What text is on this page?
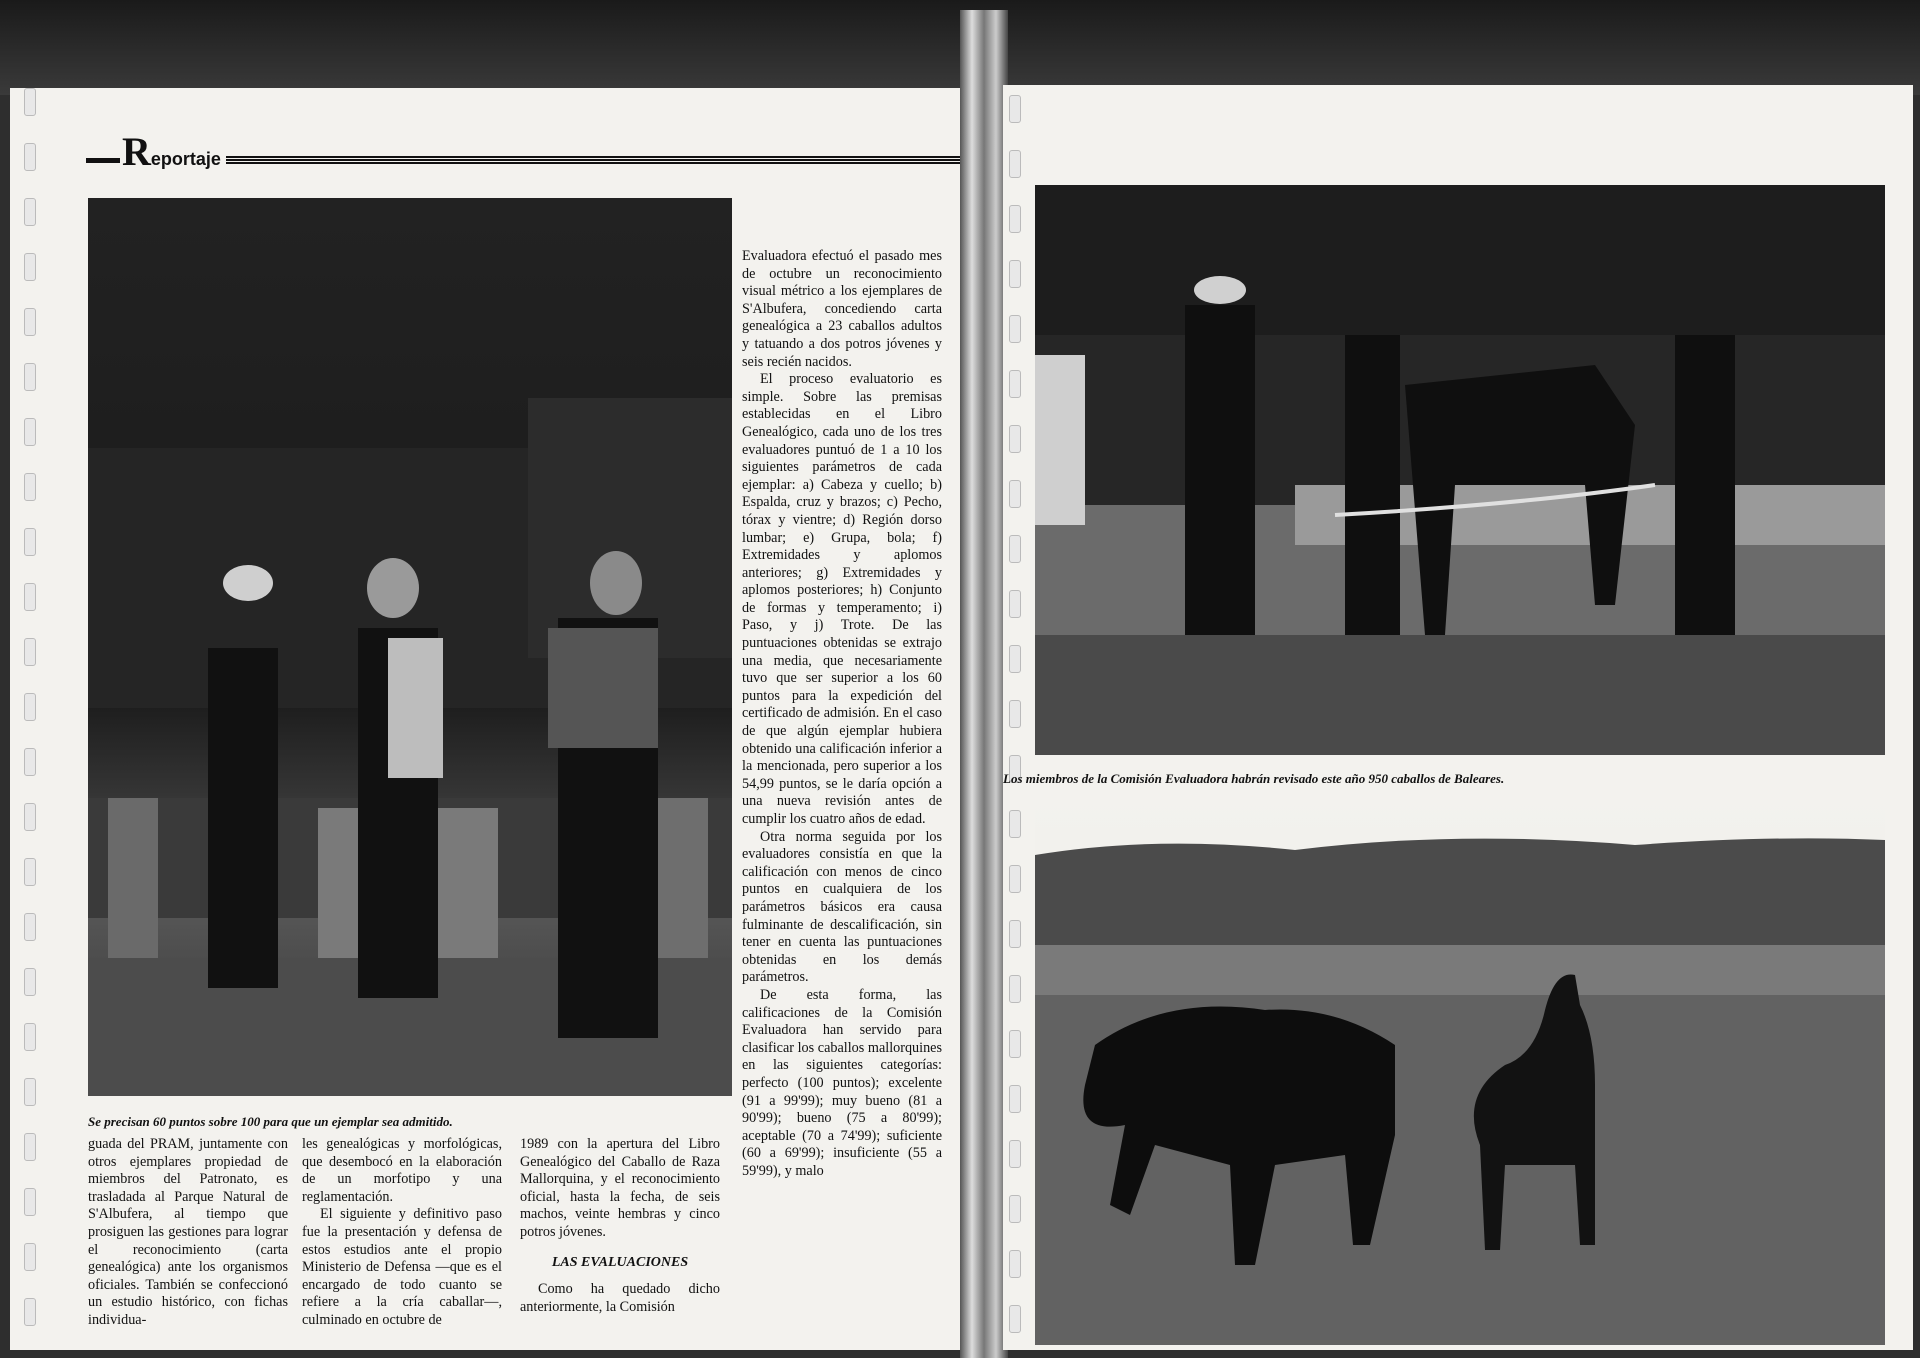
Reportaje
Se precisan 60 puntos sobre 100 para que un ejemplar sea admitido.

guada del PRAM, juntamente con otros ejemplares propiedad de miembros del Patronato, es trasladada al Parque Natural de S'Albufera, al tiempo que prosiguen las gestiones para lograr el reconocimiento (carta genealógica) ante los organismos oficiales. También se confeccionó un estudio histórico, con fichas individua-

les genealógicas y morfológicas, que desembocó en la elaboración de un morfotipo y una reglamentación.

El siguiente y definitivo paso fue la presentación y defensa de estos estudios ante el propio Ministerio de Defensa —que es el encargado de todo cuanto se refiere a la cría caballar—, culminado en octubre de

1989 con la apertura del Libro Genealógico del Caballo de Raza Mallorquina, y el reconocimiento oficial, hasta la fecha, de seis machos, veinte hembras y cinco potros jóvenes.

LAS EVALUACIONES

Como ha quedado dicho anteriormente, la Comisión

Evaluadora efectuó el pasado mes de octubre un reconocimiento visual métrico a los ejemplares de S'Albufera, concediendo carta genealógica a 23 caballos adultos y tatuando a dos potros jóvenes y seis recién nacidos.

El proceso evaluatorio es simple. Sobre las premisas establecidas en el Libro Genealógico, cada uno de los tres evaluadores puntuó de 1 a 10 los siguientes parámetros de cada ejemplar: a) Cabeza y cuello; b) Espalda, cruz y brazos; c) Pecho, tórax y vientre; d) Región dorso lumbar; e) Grupa, bola; f) Extremidades y aplomos anteriores; g) Extremidades y aplomos posteriores; h) Conjunto de formas y temperamento; i) Paso, y j) Trote. De las puntuaciones obtenidas se extrajo una media, que necesariamente tuvo que ser superior a los 60 puntos para la expedición del certificado de admisión. En el caso de que algún ejemplar hubiera obtenido una calificación inferior a la mencionada, pero superior a los 54,99 puntos, se le daría opción a una nueva revisión antes de cumplir los cuatro años de edad.

Otra norma seguida por los evaluadores consistía en que la calificación con menos de cinco puntos en cualquiera de los parámetros básicos era causa fulminante de descalificación, sin tener en cuenta las puntuaciones obtenidas en los demás parámetros.

De esta forma, las calificaciones de la Comisión Evaluadora han servido para clasificar los caballos mallorquines en las siguientes categorías: perfecto (100 puntos); excelente (91 a 99'99); muy bueno (81 a 90'99); bueno (75 a 80'99); aceptable (70 a 74'99); suficiente (60 a 69'99); insuficiente (55 a 59'99), y malo

Los miembros de la Comisión Evaluadora habrán revisado este año 950 caballos de Baleares.
